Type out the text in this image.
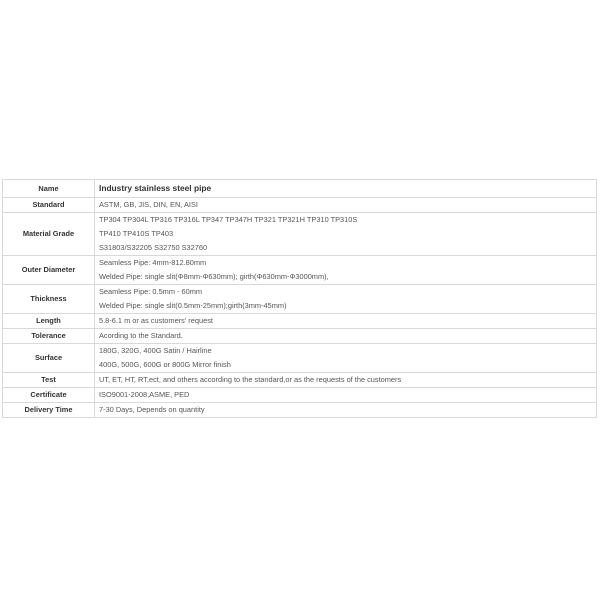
Name	Industry stainless steel pipe

Standard	ASTM, GB, JIS, DIN, EN, AISI

Material Grade	TP304 TP304L TP316 TP316L TP347 TP347H TP321 TP321H TP310 TP310S
TP410 TP410S TP403
S31803/S32205 S32750 S32760

Outer Diameter	Seamless Pipe: 4mm-812.80mm
Welded Pipe: single slit(Φ8mm-Φ630mm); girth(Φ630mm-Φ3000mm),

Thickness	Seamless Pipe: 0.5mm - 60mm
Welded Pipe: single slit(0.5mm-25mm);girth(3mm-45mm)

Length	5.8-6.1 m or as customers' request

Tolerance	Acording to the Standard.

Surface	180G, 320G, 400G Satin / Hairline
400G, 500G, 600G or 800G Mirror finish

Test	UT, ET, HT, RT,ect, and others according to the standard,or as the requests of the customers

Certificate	ISO9001-2008,ASME, PED

Delivery Time	7-30 Days, Depends on quantity
